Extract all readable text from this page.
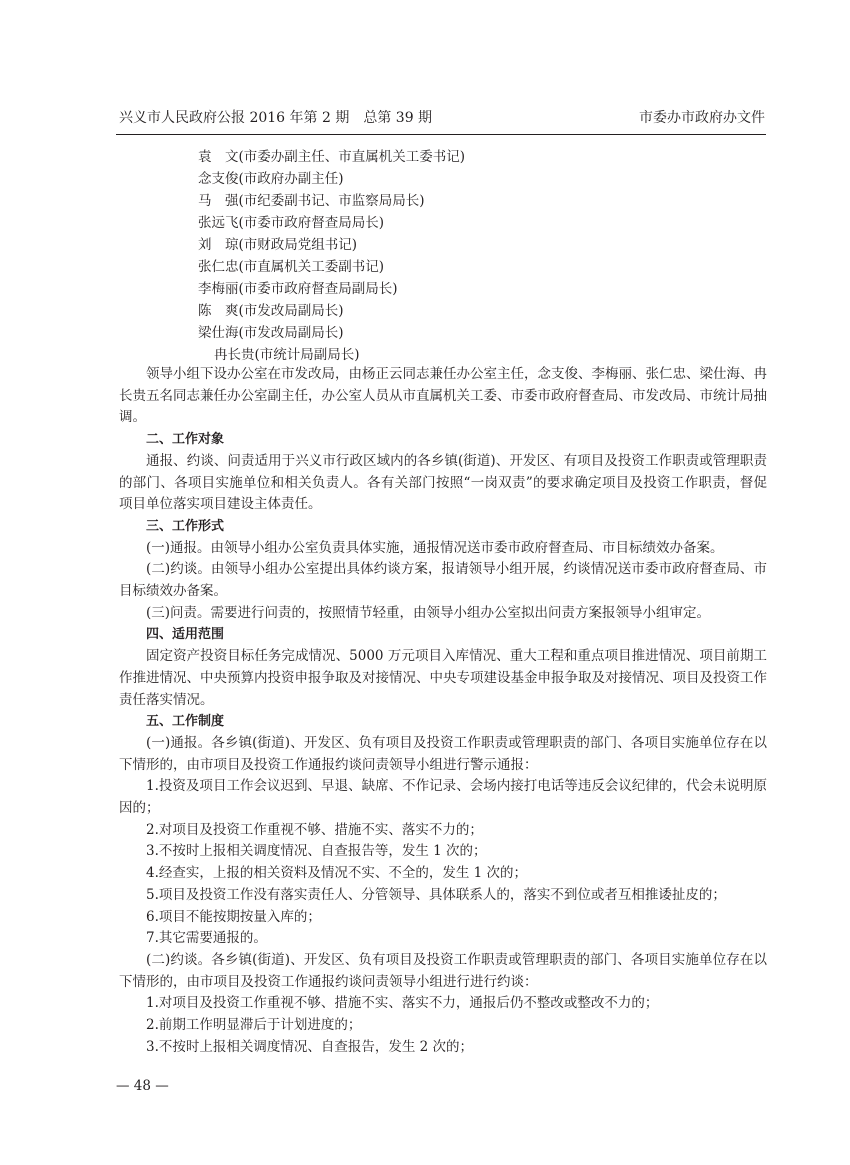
兴义市人民政府公报 2016 年第 2 期　总第 39 期	市委办市政府办文件
袁　文(市委办副主任、市直属机关工委书记)
念支俊(市政府办副主任)
马　强(市纪委副书记、市监察局局长)
张远飞(市委市政府督查局局长)
刘　琼(市财政局党组书记)
张仁忠(市直属机关工委副书记)
李梅丽(市委市政府督查局副局长)
陈　爽(市发改局副局长)
梁仕海(市发改局副局长)
冉长贵(市统计局副局长)

领导小组下设办公室在市发改局，由杨正云同志兼任办公室主任，念支俊、李梅丽、张仁忠、梁仕海、冉长贵五名同志兼任办公室副主任，办公室人员从市直属机关工委、市委市政府督查局、市发改局、市统计局抽调。

二、工作对象

通报、约谈、问责适用于兴义市行政区域内的各乡镇(街道)、开发区、有项目及投资工作职责或管理职责的部门、各项目实施单位和相关负责人。各有关部门按照“一岗双责”的要求确定项目及投资工作职责，督促项目单位落实项目建设主体责任。

三、工作形式

(一)通报。由领导小组办公室负责具体实施，通报情况送市委市政府督查局、市目标绩效办备案。

(二)约谈。由领导小组办公室提出具体约谈方案，报请领导小组开展，约谈情况送市委市政府督查局、市目标绩效办备案。

(三)问责。需要进行问责的，按照情节轻重，由领导小组办公室拟出问责方案报领导小组审定。

四、适用范围

固定资产投资目标任务完成情况、5000 万元项目入库情况、重大工程和重点项目推进情况、项目前期工作推进情况、中央预算内投资申报争取及对接情况、中央专项建设基金申报争取及对接情况、项目及投资工作责任落实情况。

五、工作制度

(一)通报。各乡镇(街道)、开发区、负有项目及投资工作职责或管理职责的部门、各项目实施单位存在以下情形的，由市项目及投资工作通报约谈问责领导小组进行警示通报：

1.投资及项目工作会议迟到、早退、缺席、不作记录、会场内接打电话等违反会议纪律的，代会未说明原因的；

2.对项目及投资工作重视不够、措施不实、落实不力的；

3.不按时上报相关调度情况、自查报告等，发生 1 次的；

4.经查实，上报的相关资料及情况不实、不全的，发生 1 次的；

5.项目及投资工作没有落实责任人、分管领导、具体联系人的，落实不到位或者互相推诿扯皮的；

6.项目不能按期按量入库的；

7.其它需要通报的。

(二)约谈。各乡镇(街道)、开发区、负有项目及投资工作职责或管理职责的部门、各项目实施单位存在以下情形的，由市项目及投资工作通报约谈问责领导小组进行进行约谈：

1.对项目及投资工作重视不够、措施不实、落实不力，通报后仍不整改或整改不力的；

2.前期工作明显滞后于计划进度的；

3.不按时上报相关调度情况、自查报告，发生 2 次的；

— 48 —
